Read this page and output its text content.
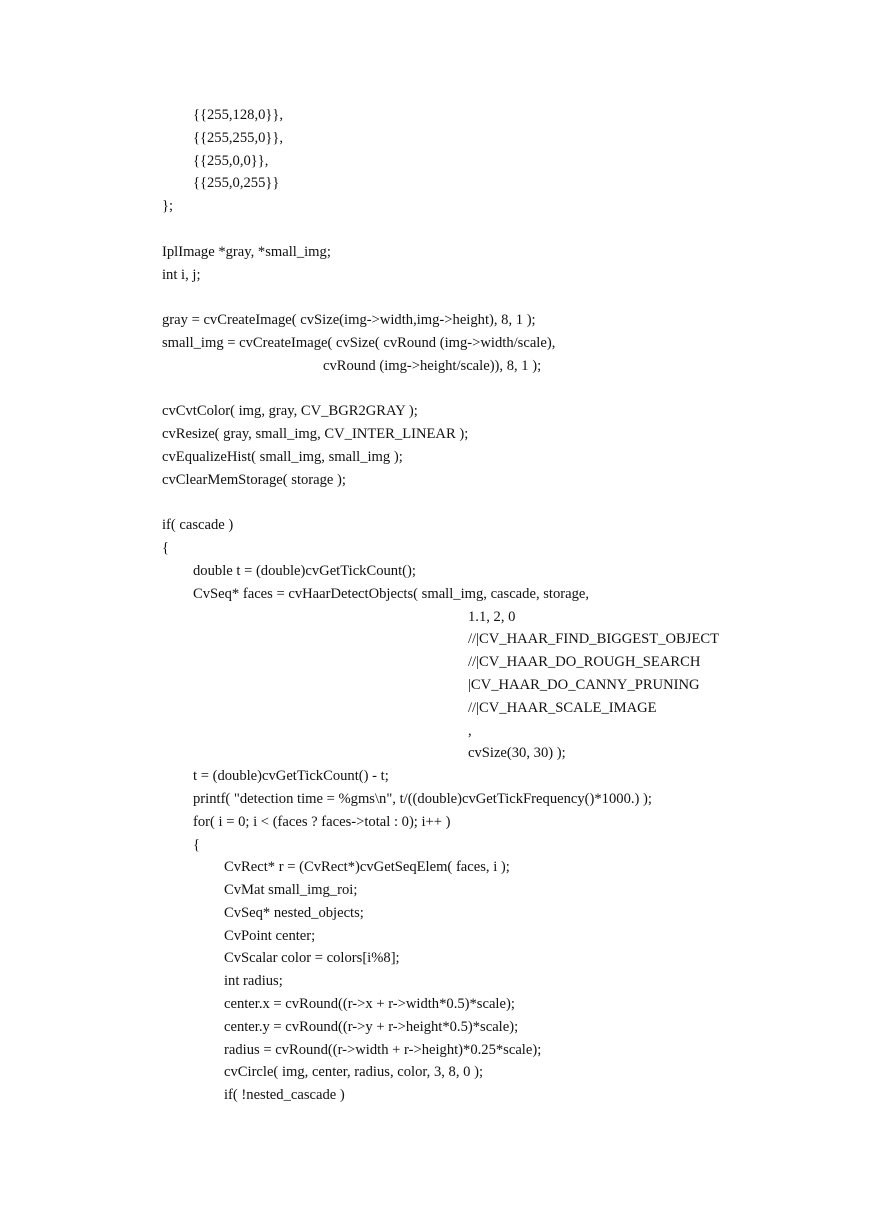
{{255,128,0}},
{{255,255,0}},
{{255,0,0}},
{{255,0,255}}
};
IplImage *gray, *small_img;
int i, j;
gray = cvCreateImage( cvSize(img->width,img->height), 8, 1 );
small_img = cvCreateImage( cvSize( cvRound (img->width/scale),
cvRound (img->height/scale)), 8, 1 );
cvCvtColor( img, gray, CV_BGR2GRAY );
cvResize( gray, small_img, CV_INTER_LINEAR );
cvEqualizeHist( small_img, small_img );
cvClearMemStorage( storage );
if( cascade )
{
double t = (double)cvGetTickCount();
CvSeq* faces = cvHaarDetectObjects( small_img, cascade, storage,
1.1, 2, 0
//|CV_HAAR_FIND_BIGGEST_OBJECT
//|CV_HAAR_DO_ROUGH_SEARCH
|CV_HAAR_DO_CANNY_PRUNING
//|CV_HAAR_SCALE_IMAGE
,
cvSize(30, 30) );
t = (double)cvGetTickCount() - t;
printf( "detection time = %gms\n", t/((double)cvGetTickFrequency()*1000.) );
for( i = 0; i < (faces ? faces->total : 0); i++ )
{
CvRect* r = (CvRect*)cvGetSeqElem( faces, i );
CvMat small_img_roi;
CvSeq* nested_objects;
CvPoint center;
CvScalar color = colors[i%8];
int radius;
center.x = cvRound((r->x + r->width*0.5)*scale);
center.y = cvRound((r->y + r->height*0.5)*scale);
radius = cvRound((r->width + r->height)*0.25*scale);
cvCircle( img, center, radius, color, 3, 8, 0 );
if( !nested_cascade )
